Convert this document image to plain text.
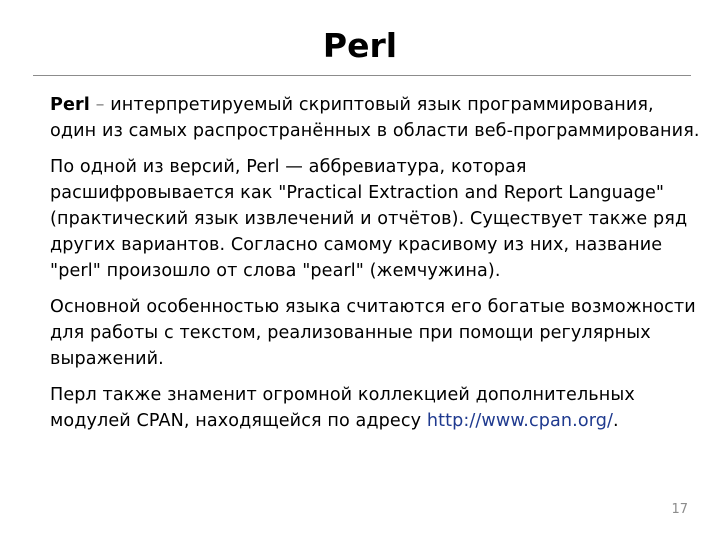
Perl

Perl – интерпретируемый скриптовый язык программирования, один из самых распространённых в области веб-программирования.

По одной из версий, Perl — аббревиатура, которая расшифровывается как "Practical Extraction and Report Language" (практический язык извлечений и отчётов). Существует также ряд других вариантов. Согласно самому красивому из них, название "perl" произошло от слова "pearl" (жемчужина).

Основной особенностью языка считаются его богатые возможности для работы с текстом, реализованные при помощи регулярных выражений.

Перл также знаменит огромной коллекцией дополнительных модулей CPAN, находящейся по адресу http://www.cpan.org/.

17
